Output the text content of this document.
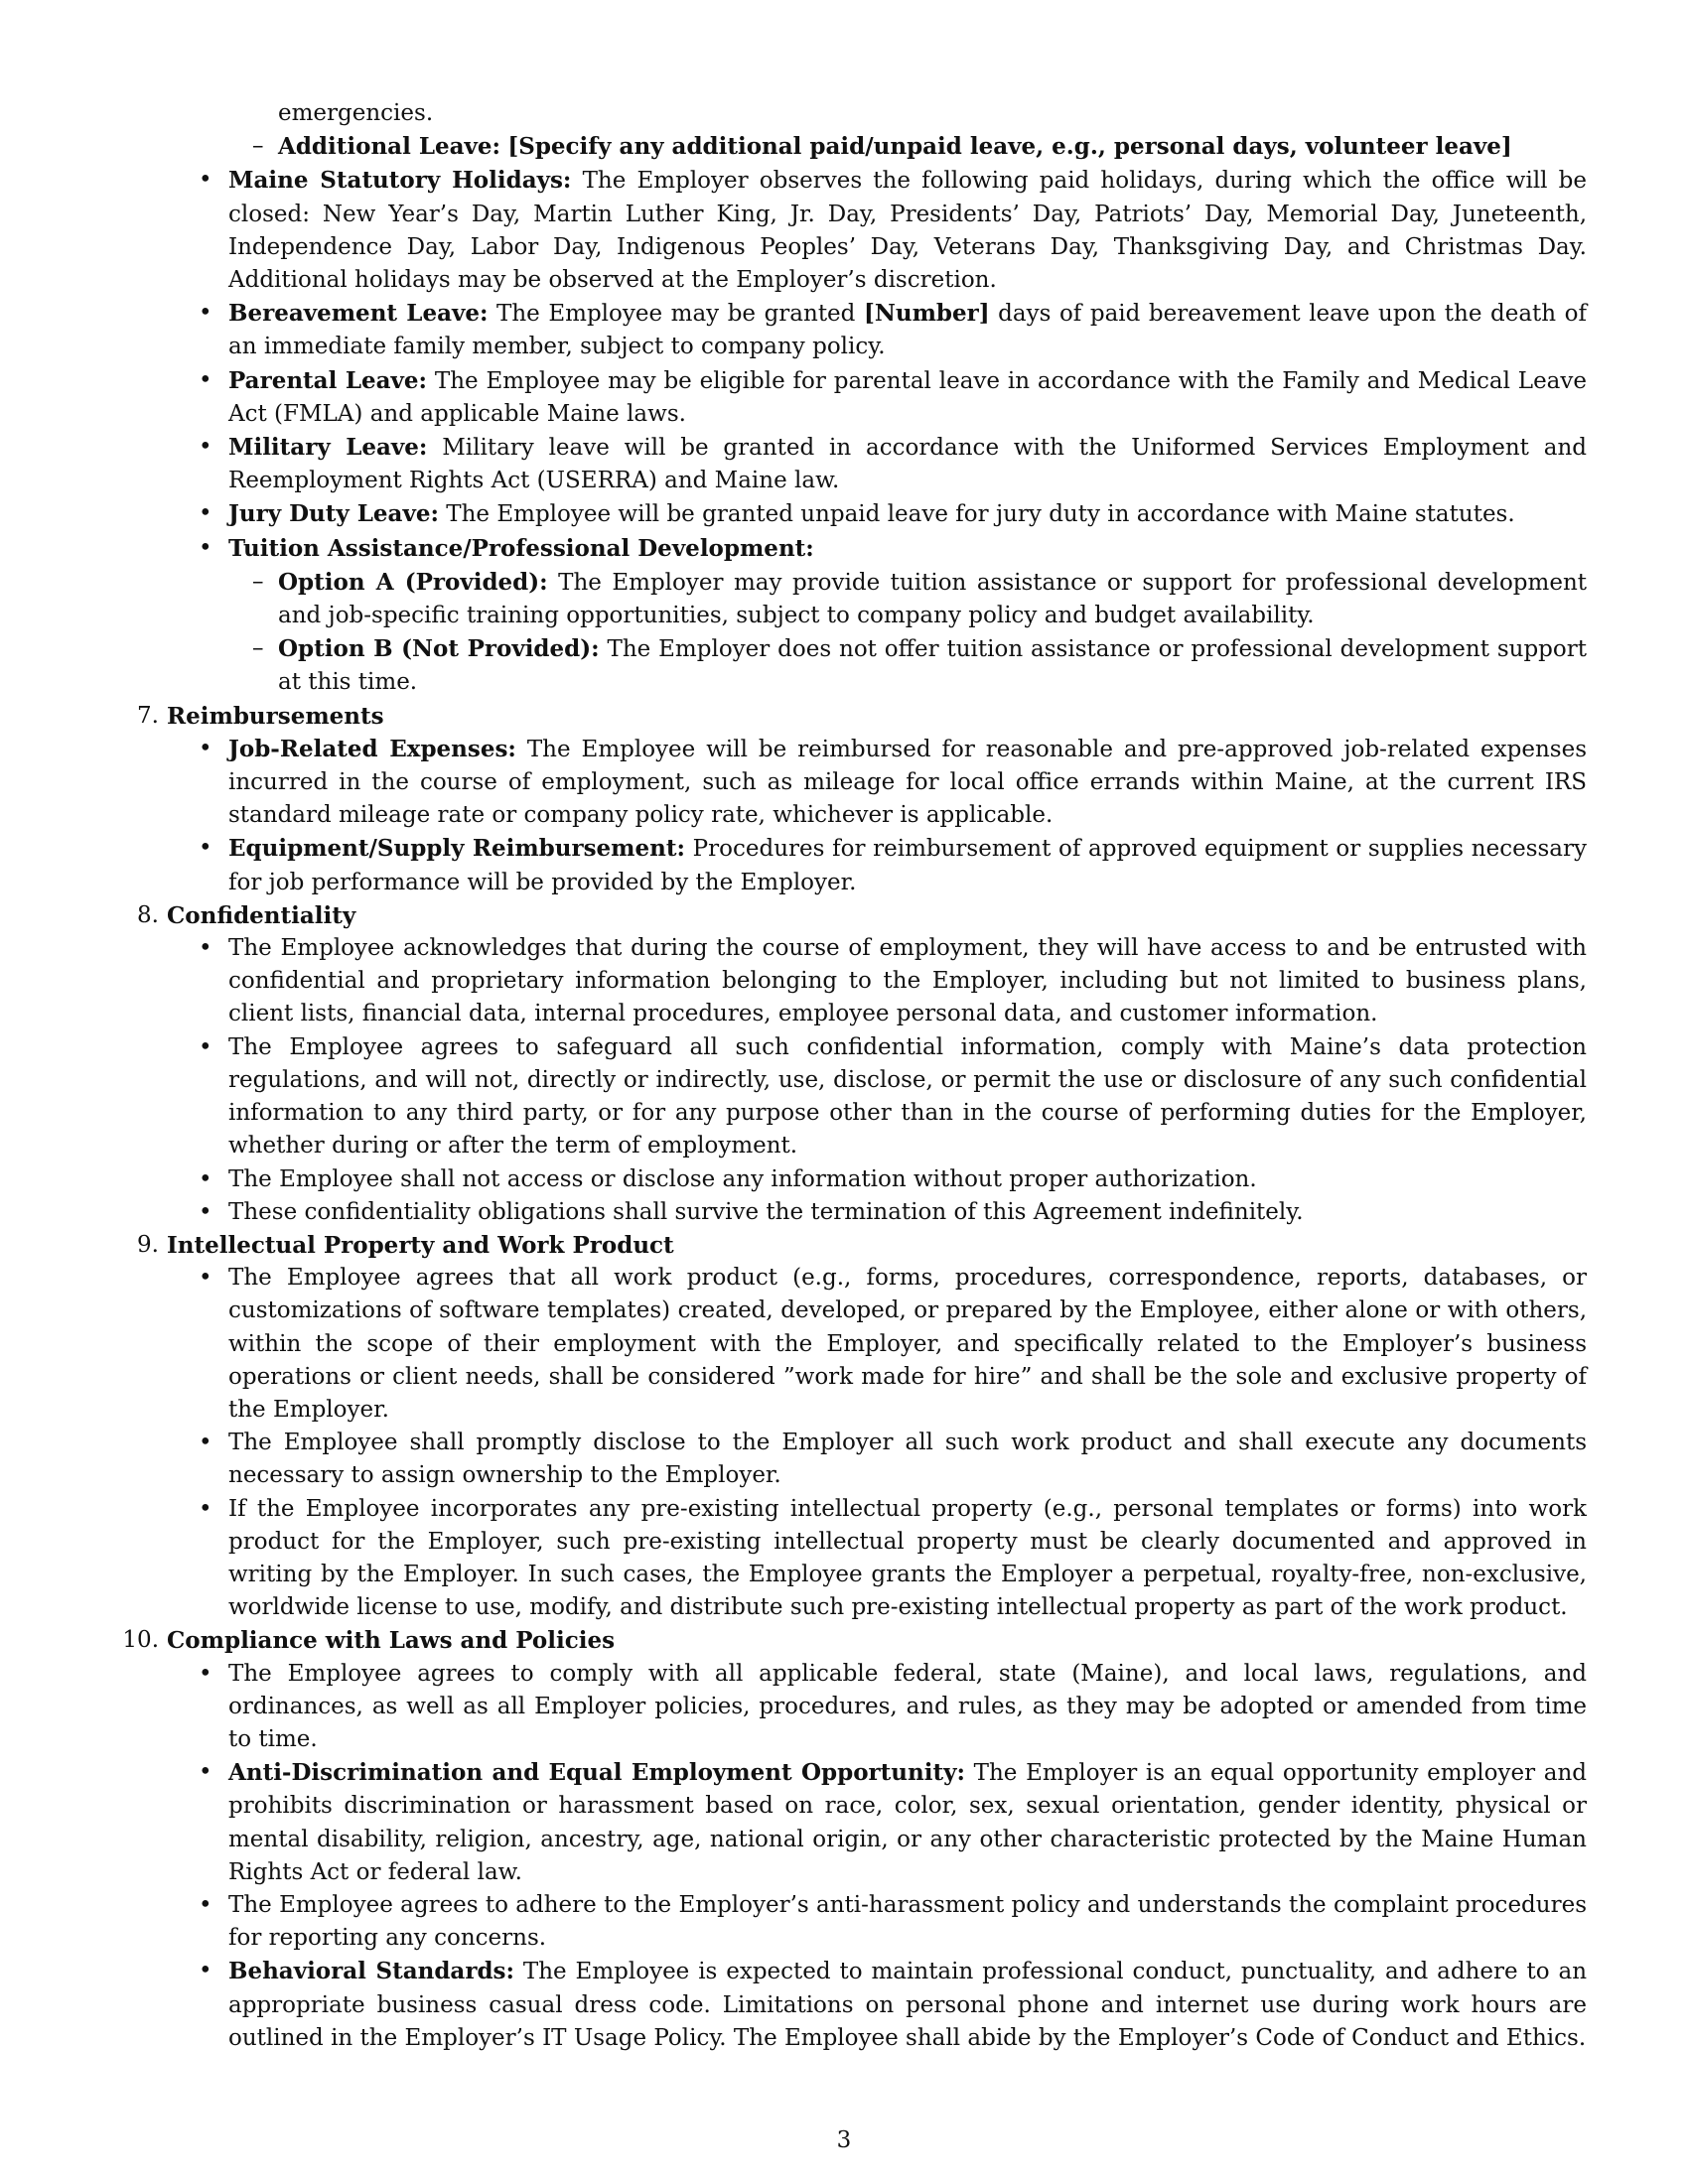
emergencies.
– Additional Leave: [Specify any additional paid/unpaid leave, e.g., personal days, volunteer leave]
• Maine Statutory Holidays: The Employer observes the following paid holidays, during which the office will be closed: New Year’s Day, Martin Luther King, Jr. Day, Presidents’ Day, Patriots’ Day, Memorial Day, Juneteenth, Independence Day, Labor Day, Indigenous Peoples’ Day, Veterans Day, Thanksgiving Day, and Christmas Day. Additional holidays may be observed at the Employer’s discretion.
• Bereavement Leave: The Employee may be granted [Number] days of paid bereavement leave upon the death of an immediate family member, subject to company policy.
• Parental Leave: The Employee may be eligible for parental leave in accordance with the Family and Medical Leave Act (FMLA) and applicable Maine laws.
• Military Leave: Military leave will be granted in accordance with the Uniformed Services Employment and Reemployment Rights Act (USERRA) and Maine law.
• Jury Duty Leave: The Employee will be granted unpaid leave for jury duty in accordance with Maine statutes.
• Tuition Assistance/Professional Development:
– Option A (Provided): The Employer may provide tuition assistance or support for professional development and job-specific training opportunities, subject to company policy and budget availability.
– Option B (Not Provided): The Employer does not offer tuition assistance or professional development support at this time.
7. Reimbursements
• Job-Related Expenses: The Employee will be reimbursed for reasonable and pre-approved job-related expenses incurred in the course of employment, such as mileage for local office errands within Maine, at the current IRS standard mileage rate or company policy rate, whichever is applicable.
• Equipment/Supply Reimbursement: Procedures for reimbursement of approved equipment or supplies necessary for job performance will be provided by the Employer.
8. Confidentiality
• The Employee acknowledges that during the course of employment, they will have access to and be entrusted with confidential and proprietary information belonging to the Employer, including but not limited to business plans, client lists, financial data, internal procedures, employee personal data, and customer information.
• The Employee agrees to safeguard all such confidential information, comply with Maine’s data protection regulations, and will not, directly or indirectly, use, disclose, or permit the use or disclosure of any such confidential information to any third party, or for any purpose other than in the course of performing duties for the Employer, whether during or after the term of employment.
• The Employee shall not access or disclose any information without proper authorization.
• These confidentiality obligations shall survive the termination of this Agreement indefinitely.
9. Intellectual Property and Work Product
• The Employee agrees that all work product (e.g., forms, procedures, correspondence, reports, databases, or customizations of software templates) created, developed, or prepared by the Employee, either alone or with others, within the scope of their employment with the Employer, and specifically related to the Employer’s business operations or client needs, shall be considered ”work made for hire” and shall be the sole and exclusive property of the Employer.
• The Employee shall promptly disclose to the Employer all such work product and shall execute any documents necessary to assign ownership to the Employer.
• If the Employee incorporates any pre-existing intellectual property (e.g., personal templates or forms) into work product for the Employer, such pre-existing intellectual property must be clearly documented and approved in writing by the Employer. In such cases, the Employee grants the Employer a perpetual, royalty-free, non-exclusive, worldwide license to use, modify, and distribute such pre-existing intellectual property as part of the work product.
10. Compliance with Laws and Policies
• The Employee agrees to comply with all applicable federal, state (Maine), and local laws, regulations, and ordinances, as well as all Employer policies, procedures, and rules, as they may be adopted or amended from time to time.
• Anti-Discrimination and Equal Employment Opportunity: The Employer is an equal opportunity employer and prohibits discrimination or harassment based on race, color, sex, sexual orientation, gender identity, physical or mental disability, religion, ancestry, age, national origin, or any other characteristic protected by the Maine Human Rights Act or federal law.
• The Employee agrees to adhere to the Employer’s anti-harassment policy and understands the complaint procedures for reporting any concerns.
• Behavioral Standards: The Employee is expected to maintain professional conduct, punctuality, and adhere to an appropriate business casual dress code. Limitations on personal phone and internet use during work hours are outlined in the Employer’s IT Usage Policy. The Employee shall abide by the Employer’s Code of Conduct and Ethics.
3
